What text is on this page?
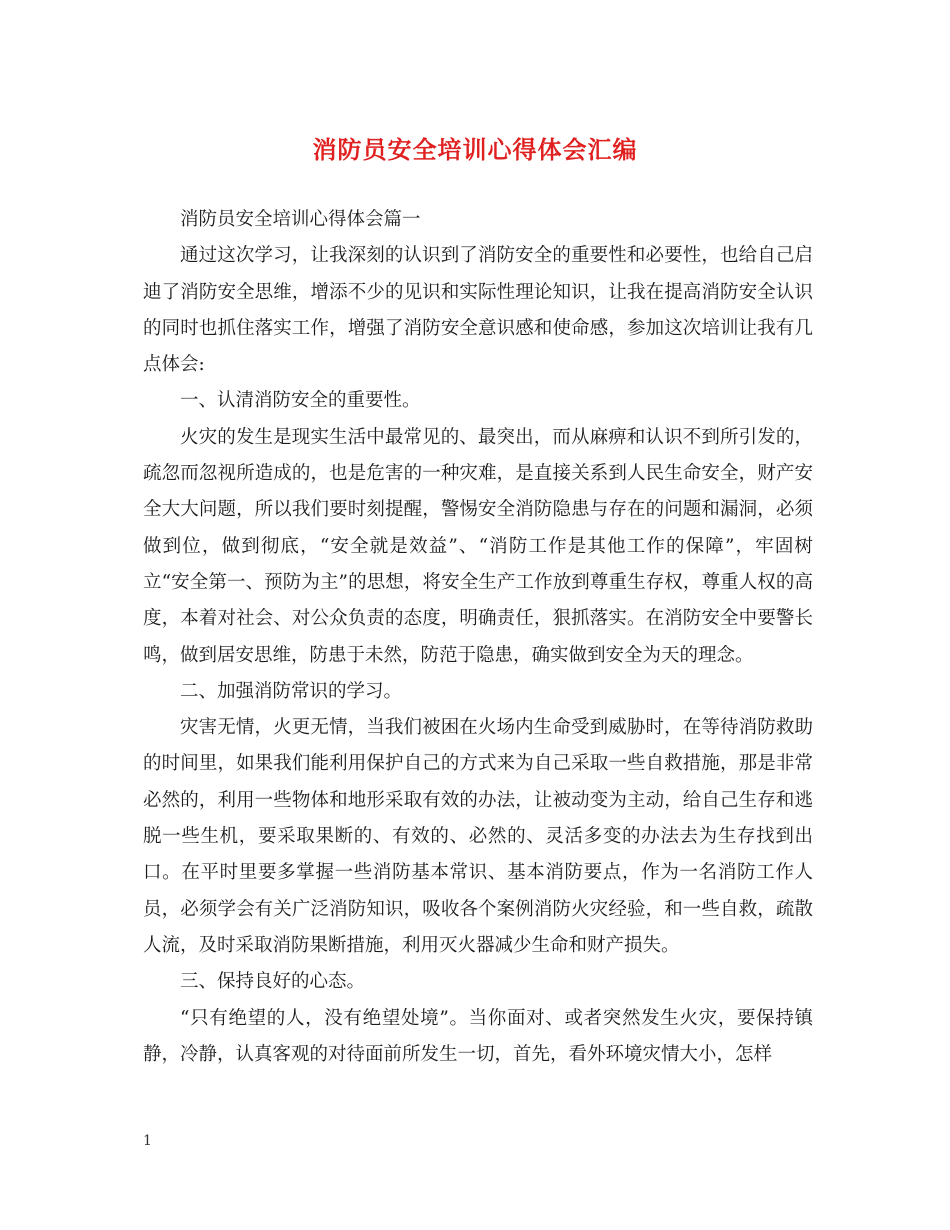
消防员安全培训心得体会汇编

消防员安全培训心得体会篇一

通过这次学习，让我深刻的认识到了消防安全的重要性和必要性，也给自己启迪了消防安全思维，增添不少的见识和实际性理论知识，让我在提高消防安全认识的同时也抓住落实工作，增强了消防安全意识感和使命感，参加这次培训让我有几点体会:

一、认清消防安全的重要性。

火灾的发生是现实生活中最常见的、最突出，而从麻痹和认识不到所引发的，疏忽而忽视所造成的，也是危害的一种灾难，是直接关系到人民生命安全，财产安全大大问题，所以我们要时刻提醒，警惕安全消防隐患与存在的问题和漏洞，必须做到位，做到彻底，“安全就是效益”、“消防工作是其他工作的保障”，牢固树立“安全第一、预防为主”的思想，将安全生产工作放到尊重生存权，尊重人权的高度，本着对社会、对公众负责的态度，明确责任，狠抓落实。在消防安全中要警长鸣，做到居安思维，防患于未然，防范于隐患，确实做到安全为天的理念。

二、加强消防常识的学习。

灾害无情，火更无情，当我们被困在火场内生命受到威胁时，在等待消防救助的时间里，如果我们能利用保护自己的方式来为自己采取一些自救措施，那是非常必然的，利用一些物体和地形采取有效的办法，让被动变为主动，给自己生存和逃脱一些生机，要采取果断的、有效的、必然的、灵活多变的办法去为生存找到出口。在平时里要多掌握一些消防基本常识、基本消防要点，作为一名消防工作人员，必须学会有关广泛消防知识，吸收各个案例消防火灾经验，和一些自救，疏散人流，及时采取消防果断措施，利用灭火器减少生命和财产损失。

三、保持良好的心态。

“只有绝望的人，没有绝望处境”。当你面对、或者突然发生火灾，要保持镇静，冷静，认真客观的对待面前所发生一切，首先，看外环境灾情大小，怎样

1
